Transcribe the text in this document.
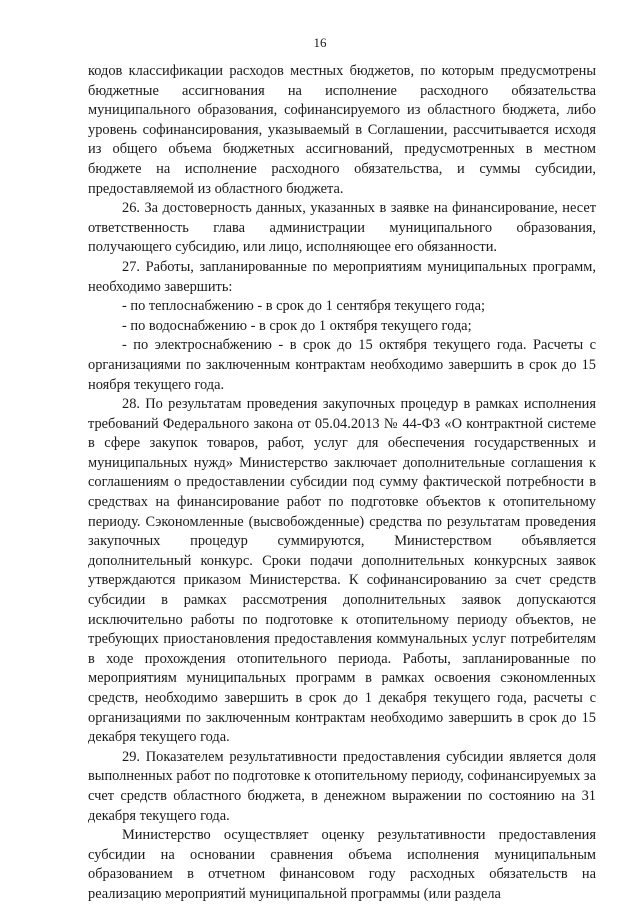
16

кодов классификации расходов местных бюджетов, по которым предусмотрены бюджетные ассигнования на исполнение расходного обязательства муниципального образования, софинансируемого из областного бюджета, либо уровень софинансирования, указываемый в Соглашении, рассчитывается исходя из общего объема бюджетных ассигнований, предусмотренных в местном бюджете на исполнение расходного обязательства, и суммы субсидии, предоставляемой из областного бюджета.

26. За достоверность данных, указанных в заявке на финансирование, несет ответственность глава администрации муниципального образования, получающего субсидию, или лицо, исполняющее его обязанности.

27. Работы, запланированные по мероприятиям муниципальных программ, необходимо завершить:

- по теплоснабжению - в срок до 1 сентября текущего года;

- по водоснабжению - в срок до 1 октября текущего года;

- по электроснабжению - в срок до 15 октября текущего года. Расчеты с организациями по заключенным контрактам необходимо завершить в срок до 15 ноября текущего года.

28. По результатам проведения закупочных процедур в рамках исполнения требований Федерального закона от 05.04.2013 № 44-ФЗ «О контрактной системе в сфере закупок товаров, работ, услуг для обеспечения государственных и муниципальных нужд» Министерство заключает дополнительные соглашения к соглашениям о предоставлении субсидии под сумму фактической потребности в средствах на финансирование работ по подготовке объектов к отопительному периоду. Сэкономленные (высвобожденные) средства по результатам проведения закупочных процедур суммируются, Министерством объявляется дополнительный конкурс. Сроки подачи дополнительных конкурсных заявок утверждаются приказом Министерства. К софинансированию за счет средств субсидии в рамках рассмотрения дополнительных заявок допускаются исключительно работы по подготовке к отопительному периоду объектов, не требующих приостановления предоставления коммунальных услуг потребителям в ходе прохождения отопительного периода. Работы, запланированные по мероприятиям муниципальных программ в рамках освоения сэкономленных средств, необходимо завершить в срок до 1 декабря текущего года, расчеты с организациями по заключенным контрактам необходимо завершить в срок до 15 декабря текущего года.

29. Показателем результативности предоставления субсидии является доля выполненных работ по подготовке к отопительному периоду, софинансируемых за счет средств областного бюджета, в денежном выражении по состоянию на 31 декабря текущего года.

Министерство осуществляет оценку результативности предоставления субсидии на основании сравнения объема исполнения муниципальным образованием в отчетном финансовом году расходных обязательств на реализацию мероприятий муниципальной программы (или раздела
